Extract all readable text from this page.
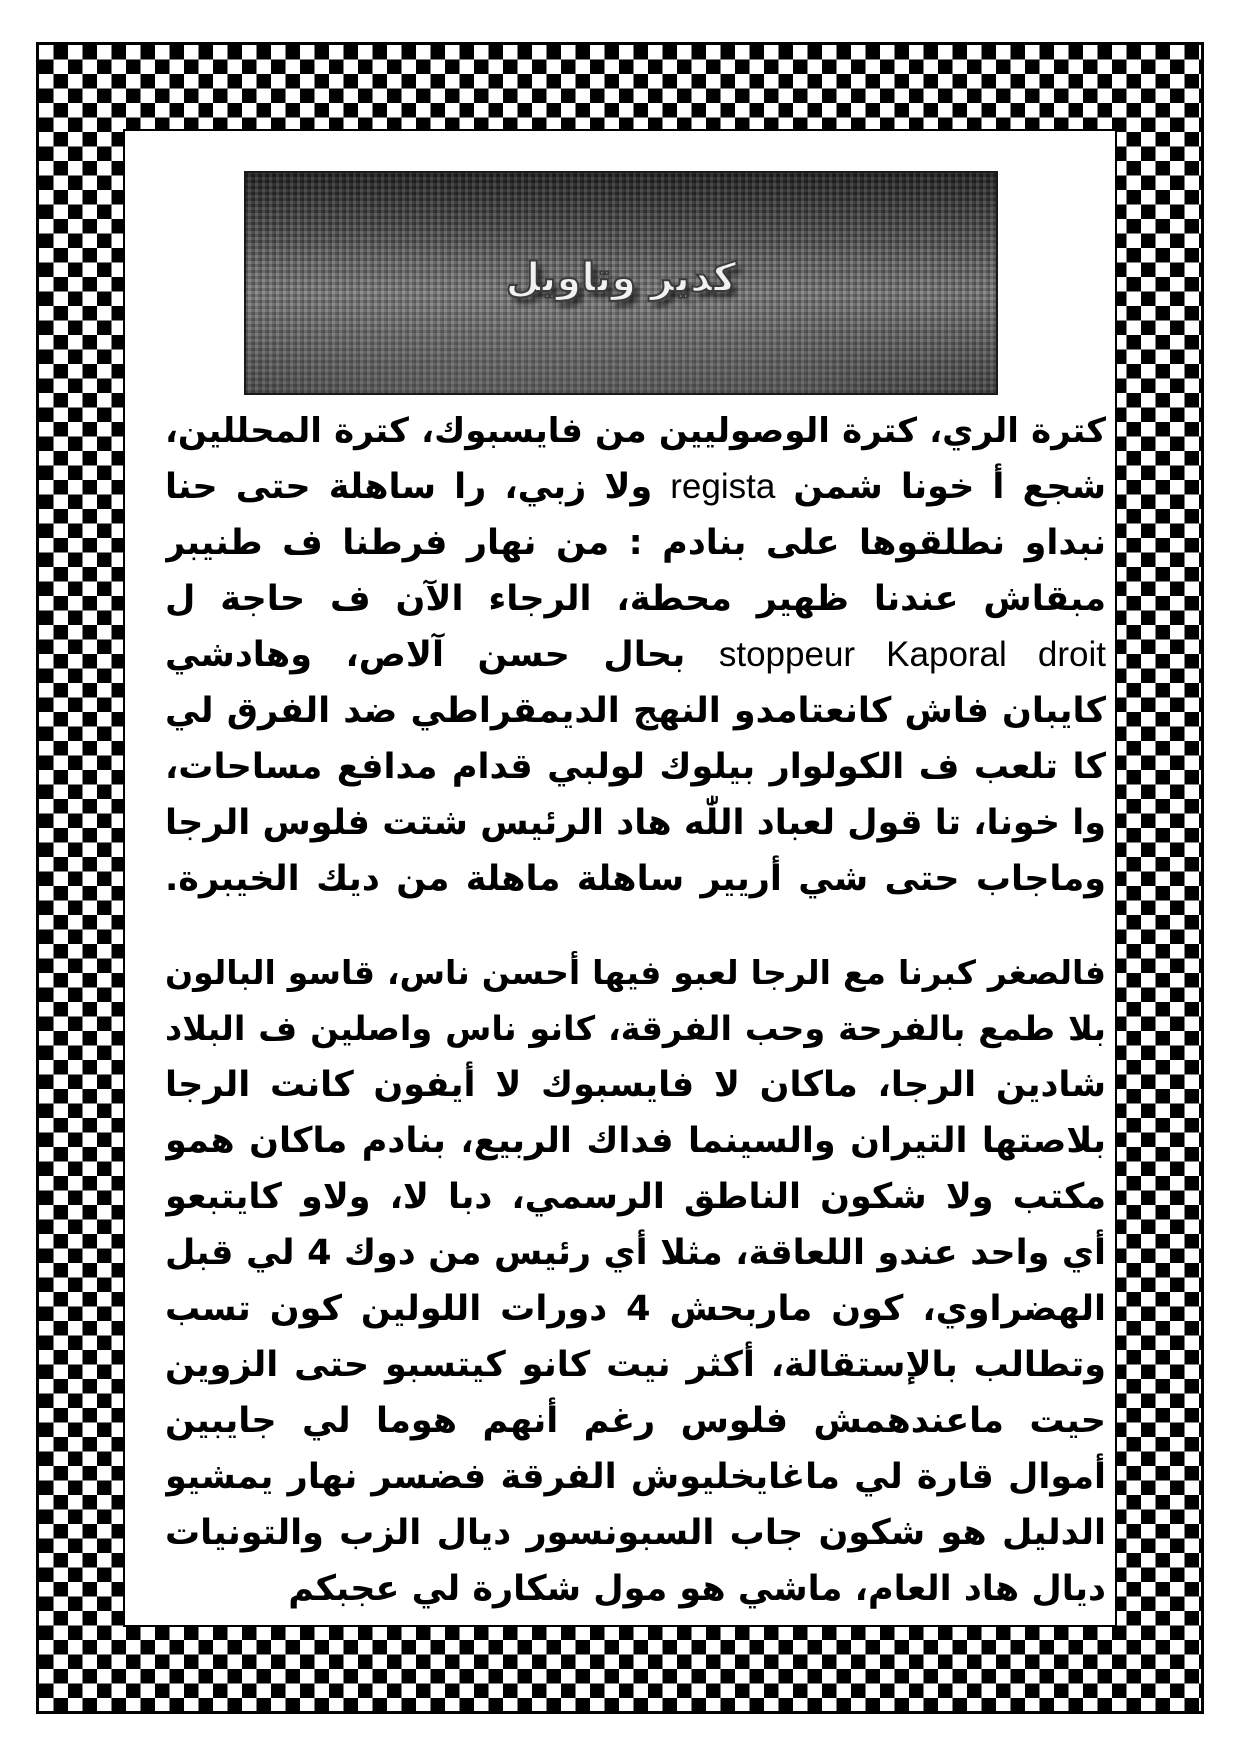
كدير وتاويل
كترة الري، كترة الوصوليين من فايسبوك، كترة المحللين،
شجع أ خونا شمن regista ولا زبي، را ساهلة حتى حنا
نبداو نطلقوها على بنادم : من نهار فرطنا ف طنيبر
مبقاش عندنا ظهير محطة، الرجاء الآن ف حاجة ل
stoppeur Kaporal droit بحال حسن آلاص، وهادشي
كايبان فاش كانعتامدو النهج الديمقراطي ضد الفرق لي
كا تلعب ف الكولوار بيلوك لولبي قدام مدافع مساحات،
وا خونا، تا قول لعباد اللّٰه هاد الرئيس شتت فلوس الرجا
وماجاب حتى شي أريير ساهلة ماهلة من ديك الخيبرة.
فالصغر كبرنا مع الرجا لعبو فيها أحسن ناس، قاسو البالون
بلا طمع بالفرحة وحب الفرقة، كانو ناس واصلين ف البلاد
شادين الرجا، ماكان لا فايسبوك لا أيفون كانت الرجا
بلاصتها التيران والسينما فداك الربيع، بنادم ماكان همو
مكتب ولا شكون الناطق الرسمي، دبا لا، ولاو كايتبعو
أي واحد عندو اللعاقة، مثلا أي رئيس من دوك 4 لي قبل
الهضراوي، كون ماربحش 4 دورات اللولين كون تسب
وتطالب بالإستقالة، أكثر نيت كانو كيتسبو حتى الزوين
حيت ماعندهمش فلوس رغم أنهم هوما لي جايبين
أموال قارة لي ماغايخليوش الفرقة فضسر نهار يمشيو
الدليل هو شكون جاب السبونسور ديال الزب والتونيات
ديال هاد العام، ماشي هو مول شكارة لي عجبكم
